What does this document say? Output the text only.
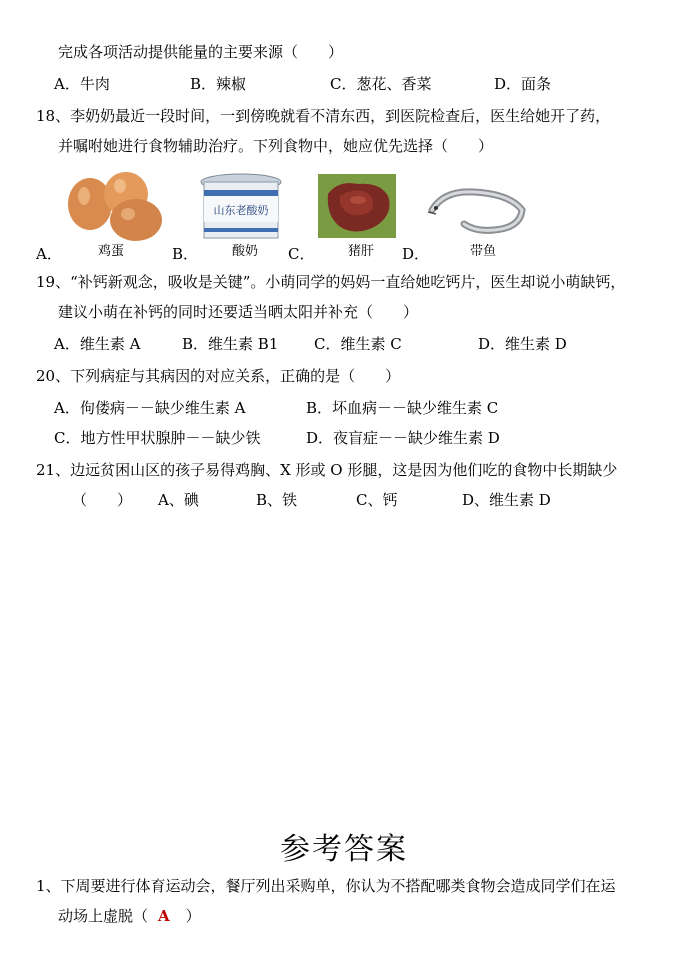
完成各项活动提供能量的主要来源（　　）
A．牛肉	B．辣椒	C．葱花、香菜	D．面条
18、李奶奶最近一段时间，一到傍晚就看不清东西，到医院检查后，医生给她开了药，
并嘱咐她进行食物辅助治疗。下列食物中，她应优先选择（　　）
鸡蛋
A．
山东老酸奶
酸奶
B．	猪肝
C．	带鱼
D．
19、“补钙新观念，吸收是关键”。小萌同学的妈妈一直给她吃钙片，医生却说小萌缺钙，
建议小萌在补钙的同时还要适当晒太阳并补充（　　）
A．维生素 A	B．维生素 B1 C．维生素 C	D．维生素 D
20、下列病症与其病因的对应关系，正确的是（　　）
A．佝偻病－－缺少维生素 A	B．坏血病－－缺少维生素 C
C．地方性甲状腺肿－－缺少铁	D．夜盲症－－缺少维生素 D
21、边远贫困山区的孩子易得鸡胸、X 形或 O 形腿，这是因为他们吃的食物中长期缺少
（　　） A、碘	B、铁	C、钙	D、维生素 D
参考答案
1、下周要进行体育运动会，餐厅列出采购单，你认为不搭配哪类食物会造成同学们在运
动场上虚脱（ A ）
